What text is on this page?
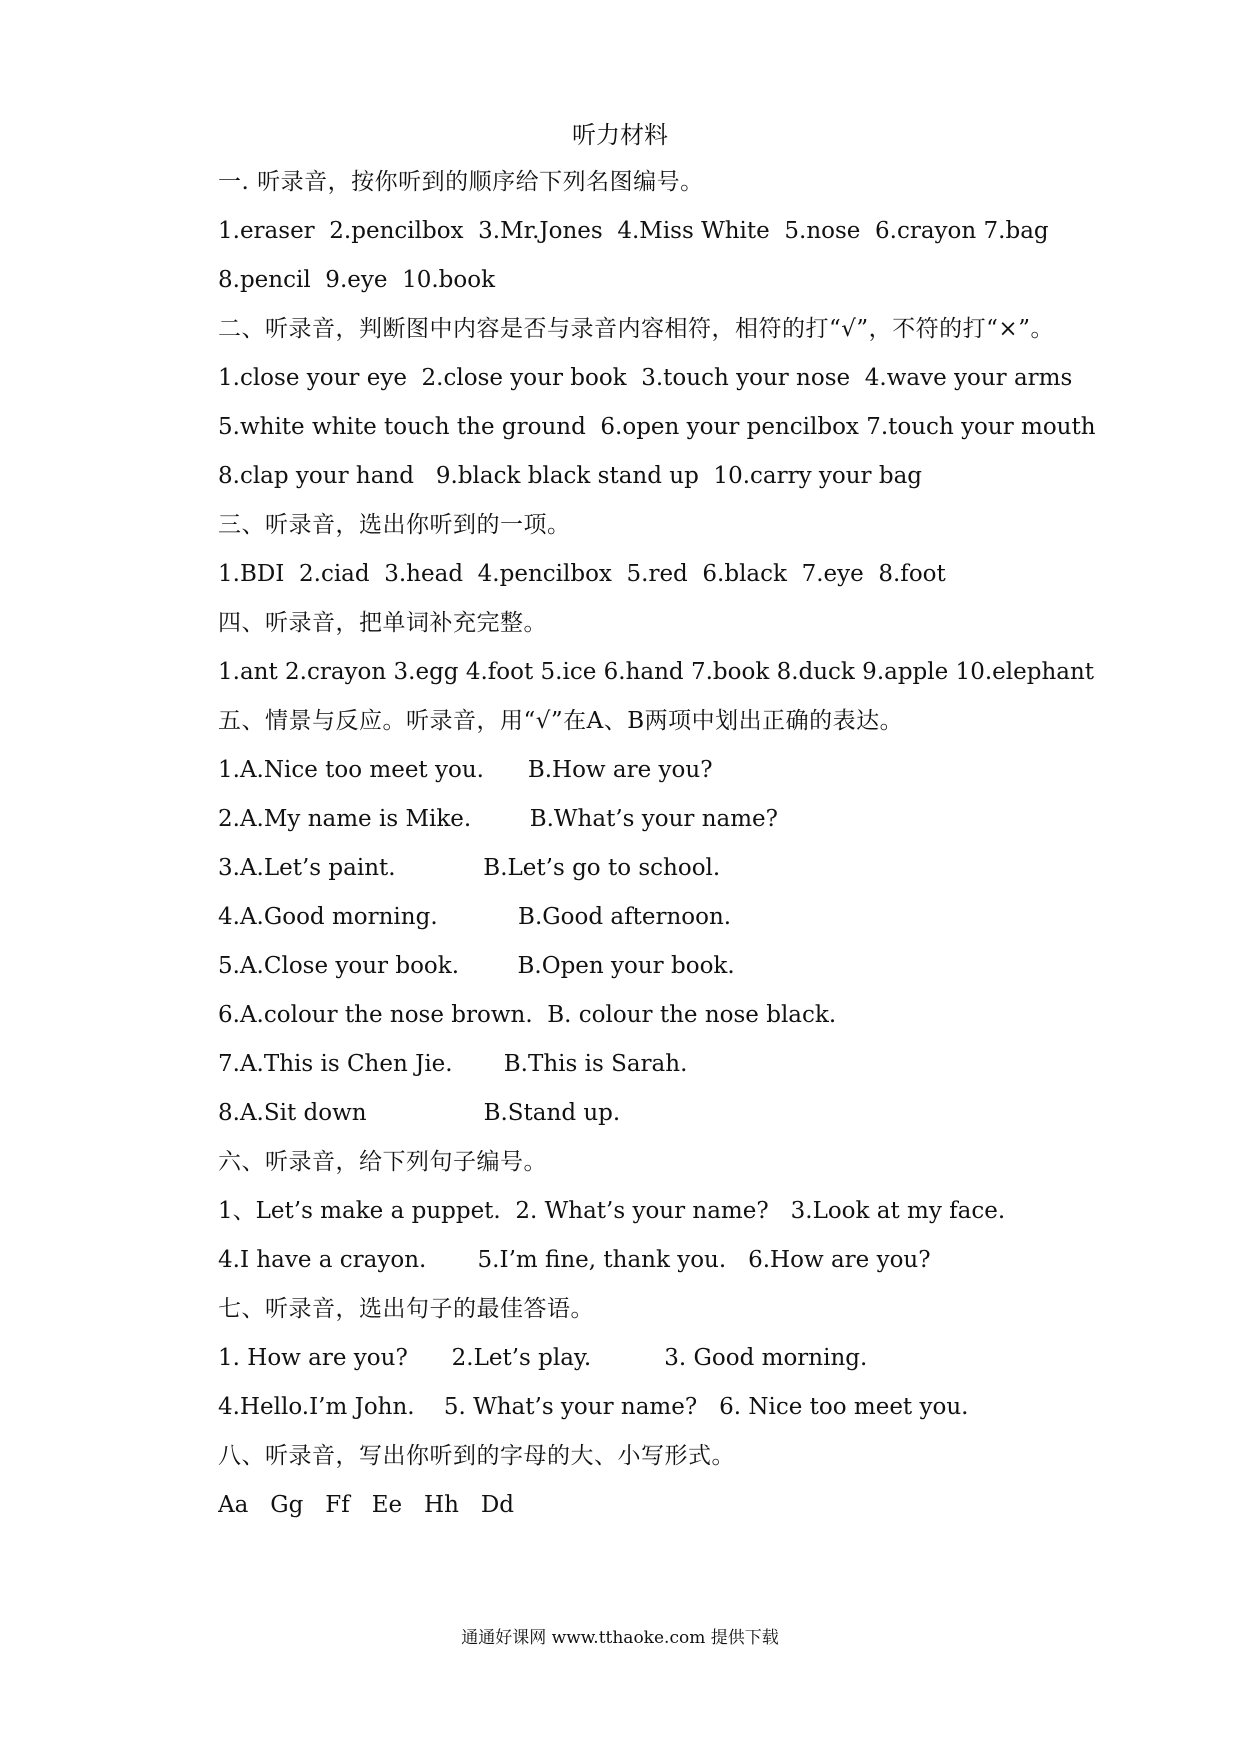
听力材料
一. 听录音，按你听到的顺序给下列名图编号。
1.eraser  2.pencilbox  3.Mr.Jones  4.Miss White  5.nose  6.crayon 7.bag
8.pencil  9.eye  10.book
二、听录音，判断图中内容是否与录音内容相符，相符的打“√”，不符的打“×”。
1.close your eye  2.close your book  3.touch your nose  4.wave your arms
5.white white touch the ground  6.open your pencilbox 7.touch your mouth
8.clap your hand   9.black black stand up  10.carry your bag
三、听录音，选出你听到的一项。
1.BDI  2.ciad  3.head  4.pencilbox  5.red  6.black  7.eye  8.foot
四、听录音，把单词补充完整。
1.ant 2.crayon 3.egg 4.foot 5.ice 6.hand 7.book 8.duck 9.apple 10.elephant
五、情景与反应。听录音，用“√”在A、B两项中划出正确的表达。
1.A.Nice too meet you.      B.How are you?
2.A.My name is Mike.        B.What’s your name?
3.A.Let’s paint.            B.Let’s go to school.
4.A.Good morning.           B.Good afternoon.
5.A.Close your book.        B.Open your book.
6.A.colour the nose brown.  B. colour the nose black.
7.A.This is Chen Jie.       B.This is Sarah.
8.A.Sit down                B.Stand up.
六、听录音，给下列句子编号。
1、Let’s make a puppet.  2. What’s your name?   3.Look at my face.
4.I have a crayon.       5.I’m fine, thank you.   6.How are you?
七、听录音，选出句子的最佳答语。
1. How are you?      2.Let’s play.          3. Good morning.
4.Hello.I’m John.    5. What’s your name?   6. Nice too meet you.
八、听录音，写出你听到的字母的大、小写形式。
Aa   Gg   Ff   Ee   Hh   Dd
通通好课网 www.tthaoke.com 提供下载
